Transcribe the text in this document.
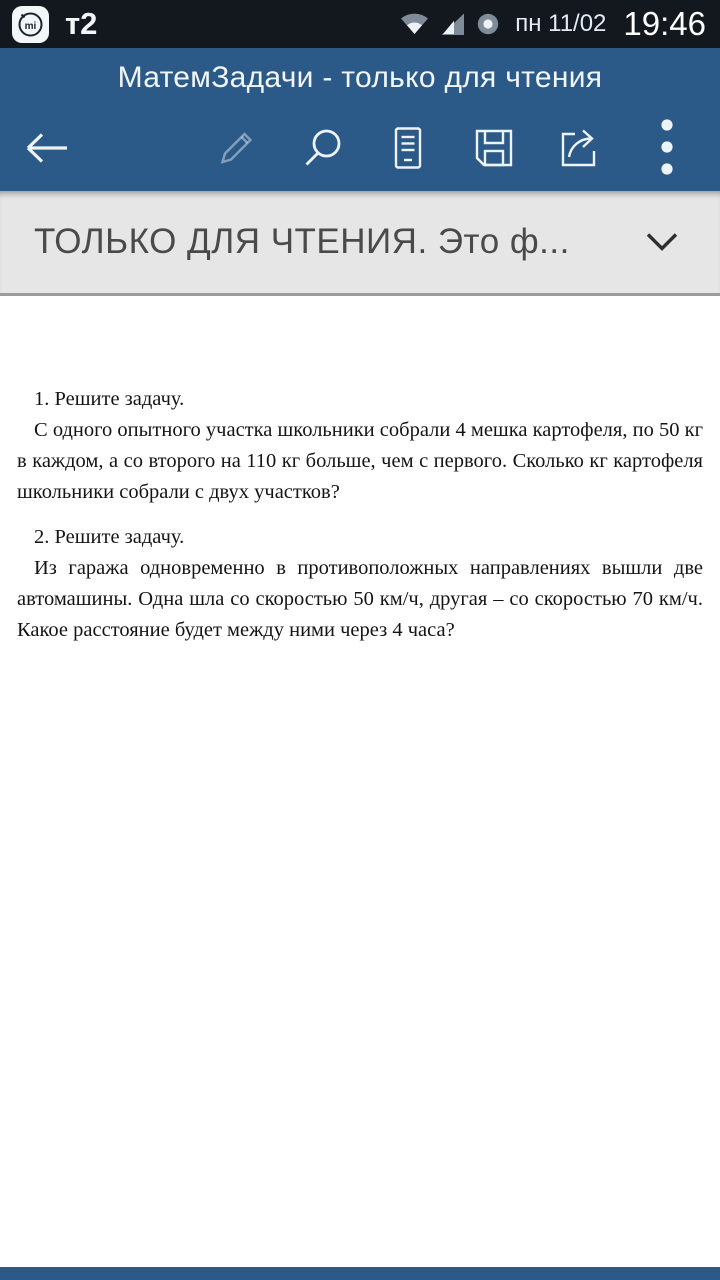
mi т2	пн 11/02 19:46
МатемЗадачи - только для чтения
ТОЛЬКО ДЛЯ ЧТЕНИЯ. Это ф...

1. Решите задачу.

С одного опытного участка школьники собрали 4 мешка картофеля, по 50 кг в каждом, а со второго на 110 кг больше, чем с первого. Сколько кг картофеля школьники собрали с двух участков?

2. Решите задачу.

Из гаража одновременно в противоположных направлениях вышли две автомашины. Одна шла со скоростью 50 км/ч, другая – со скоростью 70 км/ч. Какое расстояние будет между ними через 4 часа?
